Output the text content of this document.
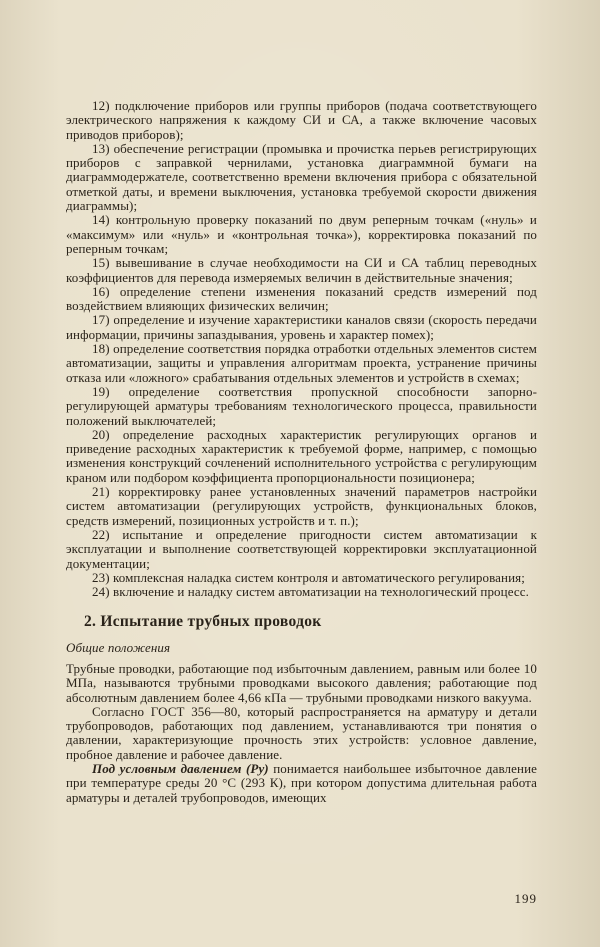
12) подключение приборов или группы приборов (подача соответствующего электрического напряжения к каждому СИ и СА, а также включение часовых приводов приборов);

13) обеспечение регистрации (промывка и прочистка перьев регистрирующих приборов с заправкой чернилами, установка диаграммной бумаги на диаграммодержателе, соответственно времени включения прибора с обязательной отметкой даты, и времени выключения, установка требуемой скорости движения диаграммы);

14) контрольную проверку показаний по двум реперным точкам («нуль» и «максимум» или «нуль» и «контрольная точка»), корректировка показаний по реперным точкам;

15) вывешивание в случае необходимости на СИ и СА таблиц переводных коэффициентов для перевода измеряемых величин в действительные значения;

16) определение степени изменения показаний средств измерений под воздействием влияющих физических величин;

17) определение и изучение характеристики каналов связи (скорость передачи информации, причины запаздывания, уровень и характер помех);

18) определение соответствия порядка отработки отдельных элементов систем автоматизации, защиты и управления алгоритмам проекта, устранение причины отказа или «ложного» срабатывания отдельных элементов и устройств в схемах;

19) определение соответствия пропускной способности запорно-регулирующей арматуры требованиям технологического процесса, правильности положений выключателей;

20) определение расходных характеристик регулирующих органов и приведение расходных характеристик к требуемой форме, например, с помощью изменения конструкций сочленений исполнительного устройства с регулирующим краном или подбором коэффициента пропорциональности позиционера;

21) корректировку ранее установленных значений параметров настройки систем автоматизации (регулирующих устройств, функциональных блоков, средств измерений, позиционных устройств и т. п.);

22) испытание и определение пригодности систем автоматизации к эксплуатации и выполнение соответствующей корректировки эксплуатационной документации;

23) комплексная наладка систем контроля и автоматического регулирования;

24) включение и наладку систем автоматизации на технологический процесс.

2. Испытание трубных проводок

Общие положения

Трубные проводки, работающие под избыточным давлением, равным или более 10 МПа, называются трубными проводками высокого давления; работающие под абсолютным давлением более 4,66 кПа — трубными проводками низкого вакуума.

Согласно ГОСТ 356—80, который распространяется на арматуру и детали трубопроводов, работающих под давлением, устанавливаются три понятия о давлении, характеризующие прочность этих устройств: условное давление, пробное давление и рабочее давление.

Под условным давлением (Ру) понимается наибольшее избыточное давление при температуре среды 20 °С (293 К), при котором допустима длительная работа арматуры и деталей трубопроводов, имеющих

199
